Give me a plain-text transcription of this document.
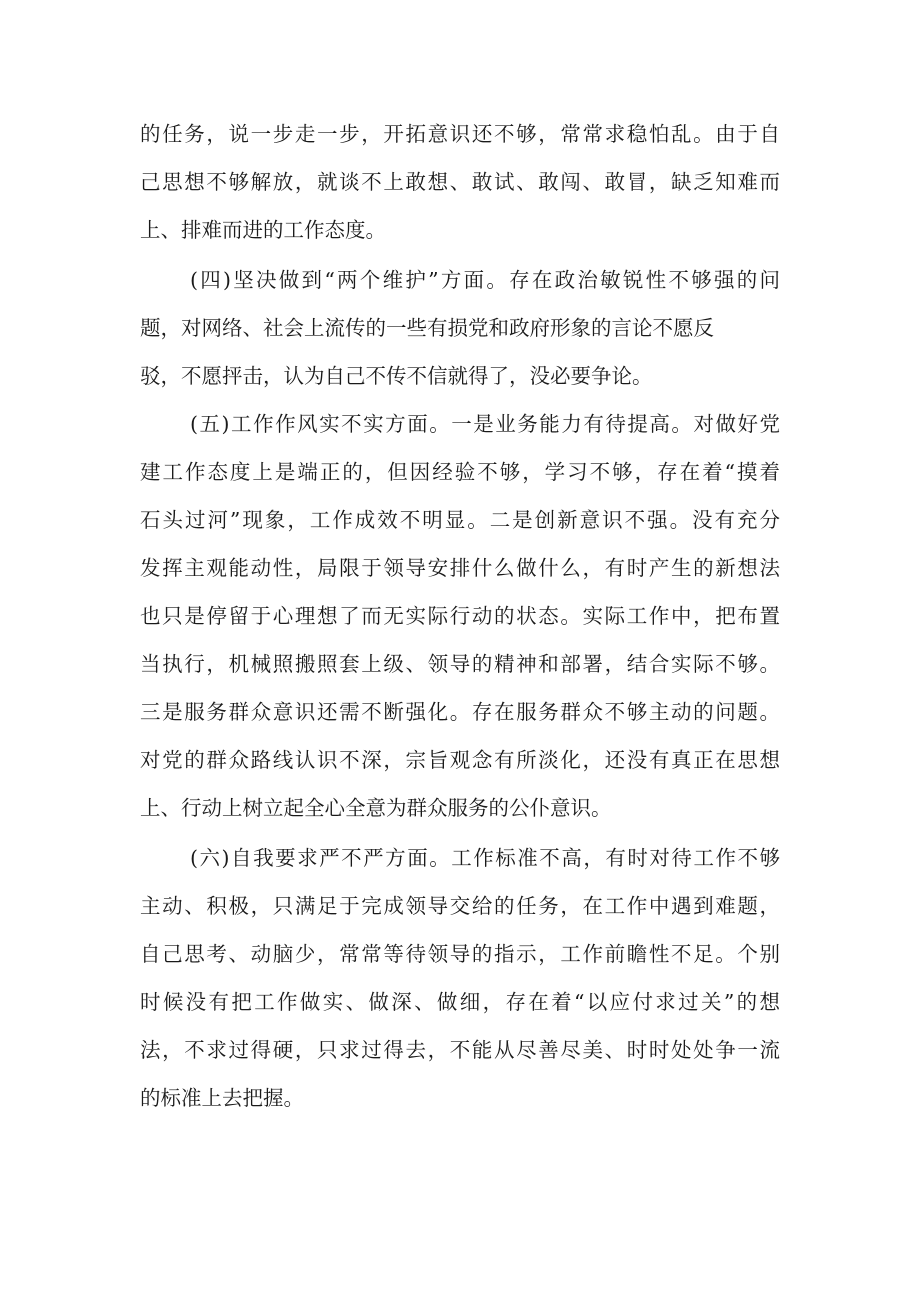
的任务，说一步走一步，开拓意识还不够，常常求稳怕乱。由于自

己思想不够解放，就谈不上敢想、敢试、敢闯、敢冒，缺乏知难而

上、排难而进的工作态度。

(四)坚决做到“两个维护”方面。存在政治敏锐性不够强的问

题，对网络、社会上流传的一些有损党和政府形象的言论不愿反

驳，不愿抨击，认为自己不传不信就得了，没必要争论。

(五)工作作风实不实方面。一是业务能力有待提高。对做好党

建工作态度上是端正的，但因经验不够，学习不够，存在着“摸着

石头过河”现象，工作成效不明显。二是创新意识不强。没有充分

发挥主观能动性，局限于领导安排什么做什么，有时产生的新想法

也只是停留于心理想了而无实际行动的状态。实际工作中，把布置

当执行，机械照搬照套上级、领导的精神和部署，结合实际不够。

三是服务群众意识还需不断强化。存在服务群众不够主动的问题。

对党的群众路线认识不深，宗旨观念有所淡化，还没有真正在思想

上、行动上树立起全心全意为群众服务的公仆意识。

(六)自我要求严不严方面。工作标准不高，有时对待工作不够

主动、积极，只满足于完成领导交给的任务，在工作中遇到难题，

自己思考、动脑少，常常等待领导的指示，工作前瞻性不足。个别

时候没有把工作做实、做深、做细，存在着“以应付求过关”的想

法，不求过得硬，只求过得去，不能从尽善尽美、时时处处争一流

的标准上去把握。
